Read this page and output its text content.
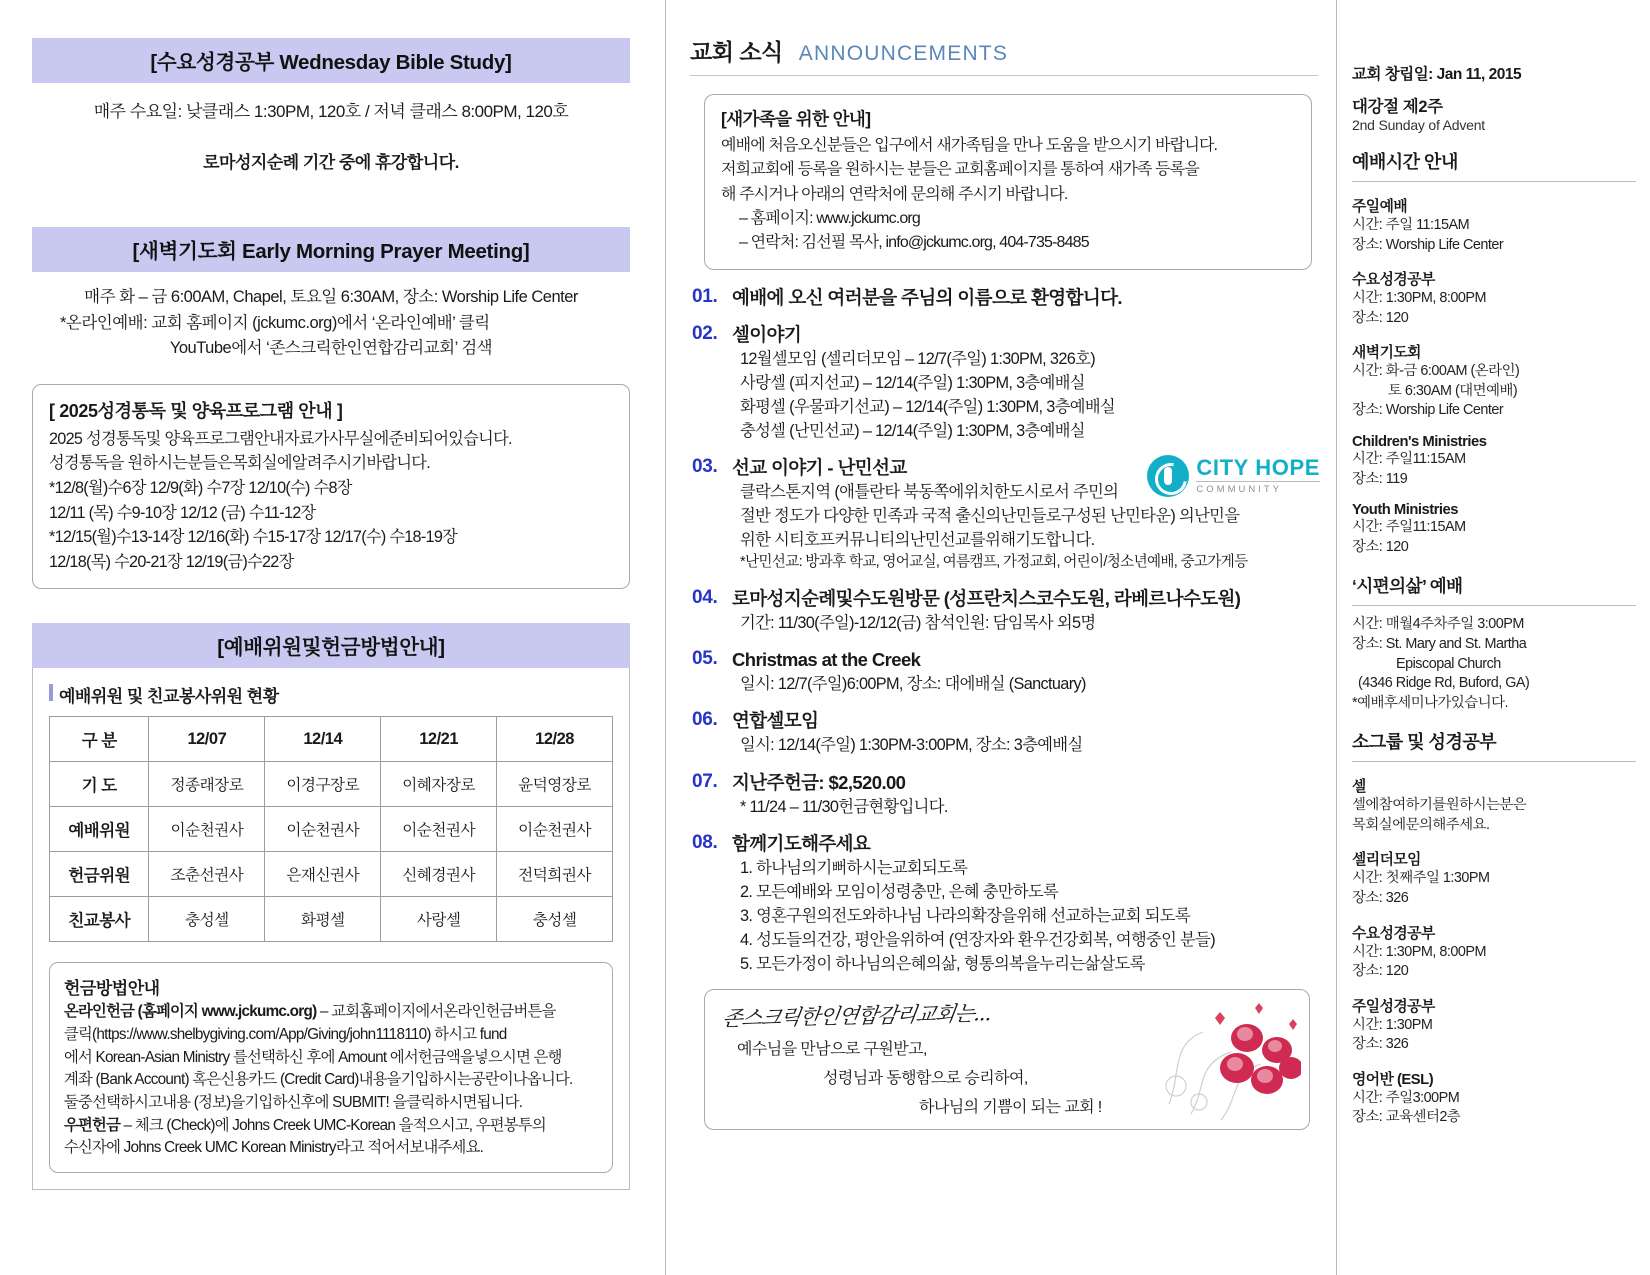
[수요성경공부 Wednesday Bible Study]
매주 수요일: 낮클래스 1:30PM, 120호 / 저녁 클래스 8:00PM, 120호
로마성지순례 기간 중에 휴강합니다.
[새벽기도회 Early Morning Prayer Meeting]
매주 화 – 금 6:00AM, Chapel, 토요일 6:30AM, 장소: Worship Life Center
*온라인예배: 교회 홈페이지 (jckumc.org)에서 ‘온라인예배’ 클릭
YouTube에서 ‘존스크릭한인연합감리교회’ 검색
[ 2025성경통독 및 양육프로그램 안내 ]

2025 성경통독및 양육프로그램안내자료가사무실에준비되어있습니다.

성경통독을 원하시는분들은목회실에알려주시기바랍니다.

*12/8(월)수6장 12/9(화) 수7장 12/10(수) 수8장

12/11 (목) 수9-10장 12/12 (금) 수11-12장

*12/15(월)수13-14장 12/16(화) 수15-17장 12/17(수) 수18-19장

12/18(목) 수20-21장 12/19(금)수22장

[예배위원및헌금방법안내]
예배위원 및 친교봉사위원 현황
구 분	12/07	12/14	12/21	12/28
기 도	정종래장로	이경구장로	이혜자장로	윤덕영장로
예배위원	이순천권사	이순천권사	이순천권사	이순천권사
헌금위원	조춘선권사	은재신권사	신혜경권사	전덕희권사
친교봉사	충성셀	화평셀	사랑셀	충성셀
헌금방법안내

온라인헌금 (홈페이지 www.jckumc.org) – 교회홈페이지에서온라인헌금버튼을

클릭(https://www.shelbygiving.com/App/Giving/john1118110) 하시고 fund

에서 Korean-Asian Ministry 를선택하신 후에 Amount 에서헌금액을넣으시면 은행

계좌 (Bank Account) 혹은신용카드 (Credit Card)내용을기입하시는공란이나옵니다.

둘중선택하시고내용 (정보)을기입하신후에 SUBMIT! 을클릭하시면됩니다.

우편헌금 – 체크 (Check)에 Johns Creek UMC-Korean 을적으시고, 우편봉투의

수신자에 Johns Creek UMC Korean Ministry라고 적어서보내주세요.

교회 소식 ANNOUNCEMENTS
[새가족을 위한 안내]

예배에 처음오신분들은 입구에서 새가족팀을 만나 도움을 받으시기 바랍니다.

저희교회에 등록을 원하시는 분들은 교회홈페이지를 통하여 새가족 등록을

해 주시거나 아래의 연락처에 문의해 주시기 바랍니다.

– 홈페이지: www.jckumc.org

– 연락처: 김선필 목사, info@jckumc.org, 404-735-8485

01. 예배에 오신 여러분을 주님의 이름으로 환영합니다.
02. 셀이야기
12월셀모임 (셀리더모임 – 12/7(주일) 1:30PM, 326호)
사랑셀 (피지선교) – 12/14(주일) 1:30PM, 3층예배실
화평셀 (우물파기선교) – 12/14(주일) 1:30PM, 3층예배실
충성셀 (난민선교) – 12/14(주일) 1:30PM, 3층예배실
03. 선교 이야기 - 난민선교
클락스톤지역 (애틀란타 북동쪽에위치한도시로서 주민의
절반 정도가 다양한 민족과 국적 출신의난민들로구성된 난민타운) 의난민을
위한 시티호프커뮤니티의난민선교를위해기도합니다.
*난민선교: 방과후 학교, 영어교실, 여름캠프, 가정교회, 어린이/청소년예배, 중고가게등
04. 로마성지순례및수도원방문 (성프란치스코수도원, 라베르나수도원)
기간: 11/30(주일)-12/12(금) 참석인원: 담임목사 외5명
05. Christmas at the Creek
일시: 12/7(주일)6:00PM, 장소: 대에배실 (Sanctuary)
06. 연합셀모임
일시: 12/14(주일) 1:30PM-3:00PM, 장소: 3층예배실
07. 지난주헌금: $2,520.00
* 11/24 – 11/30헌금현황입니다.
08. 함께기도해주세요
1. 하나님의기뻐하시는교회되도록
2. 모든예배와 모임이성령충만, 은혜 충만하도록
3. 영혼구원의전도와하나님 나라의확장을위해 선교하는교회 되도록
4. 성도들의건강, 평안을위하여 (연장자와 환우건강회복, 여행중인 분들)
5. 모든가정이 하나님의은혜의삶, 형통의복을누리는삶살도록
CITY HOPE
COMMUNITY
존스크릭한인연합감리교회는...
예수님을 만남으로 구원받고,
성령님과 동행함으로 승리하여,
하나님의 기쁨이 되는 교회 !
교회 창립일: Jan 11, 2015
대강절 제2주
2nd Sunday of Advent
예배시간 안내
주일예배
시간: 주일 11:15AM
장소: Worship Life Center
수요성경공부
시간: 1:30PM, 8:00PM
장소: 120
새벽기도회
시간: 화-금 6:00AM (온라인)
토 6:30AM (대면예배)
장소: Worship Life Center
Children's Ministries
시간: 주일11:15AM
장소: 119
Youth Ministries
시간: 주일11:15AM
장소: 120
‘시편의삶’ 예배
시간: 매월4주차주일 3:00PM
장소: St. Mary and St. Martha
Episcopal Church
(4346 Ridge Rd, Buford, GA)
*예배후세미나가있습니다.
소그룹 및 성경공부
셀
셀에참여하기를원하시는분은
목회실에문의해주세요.
셀리더모임
시간: 첫째주일 1:30PM
장소: 326
수요성경공부
시간: 1:30PM, 8:00PM
장소: 120
주일성경공부
시간: 1:30PM
장소: 326
영어반 (ESL)
시간: 주일3:00PM
장소: 교육센터2층
